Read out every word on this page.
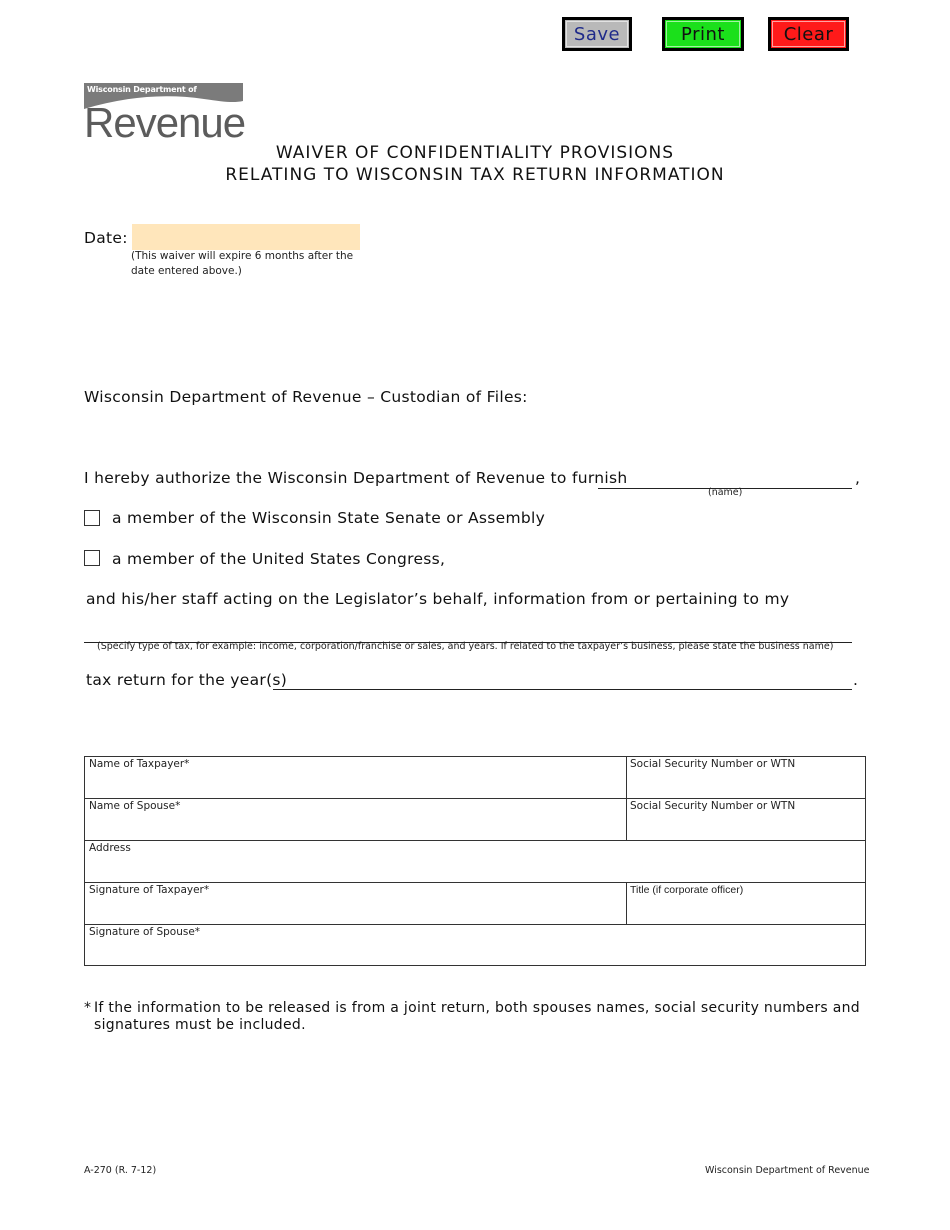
Save	Print	Clear
Wisconsin Department of
Revenue
WAIVER OF CONFIDENTIALITY PROVISIONS
RELATING TO WISCONSIN TAX RETURN INFORMATION
Date:
(This waiver will expire 6 months after the date entered above.)
Wisconsin Department of Revenue – Custodian of Files:
I hereby authorize the Wisconsin Department of Revenue to furnish	,
(name)
a member of the Wisconsin State Senate or Assembly
a member of the United States Congress,
and his/her staff acting on the Legislator’s behalf, information from or pertaining to my
(Specify type of tax, for example: income, corporation/franchise or sales, and years. If related to the taxpayer’s business, please state the business name)
tax return for the year(s)	.
Name of Taxpayer*	Social Security Number or WTN
Name of Spouse*	Social Security Number or WTN
Address
Signature of Taxpayer*	Title (if corporate officer)
Signature of Spouse*
* If the information to be released is from a joint return, both spouses names, social security numbers and
signatures must be included.
A-270 (R. 7-12)	Wisconsin Department of Revenue
